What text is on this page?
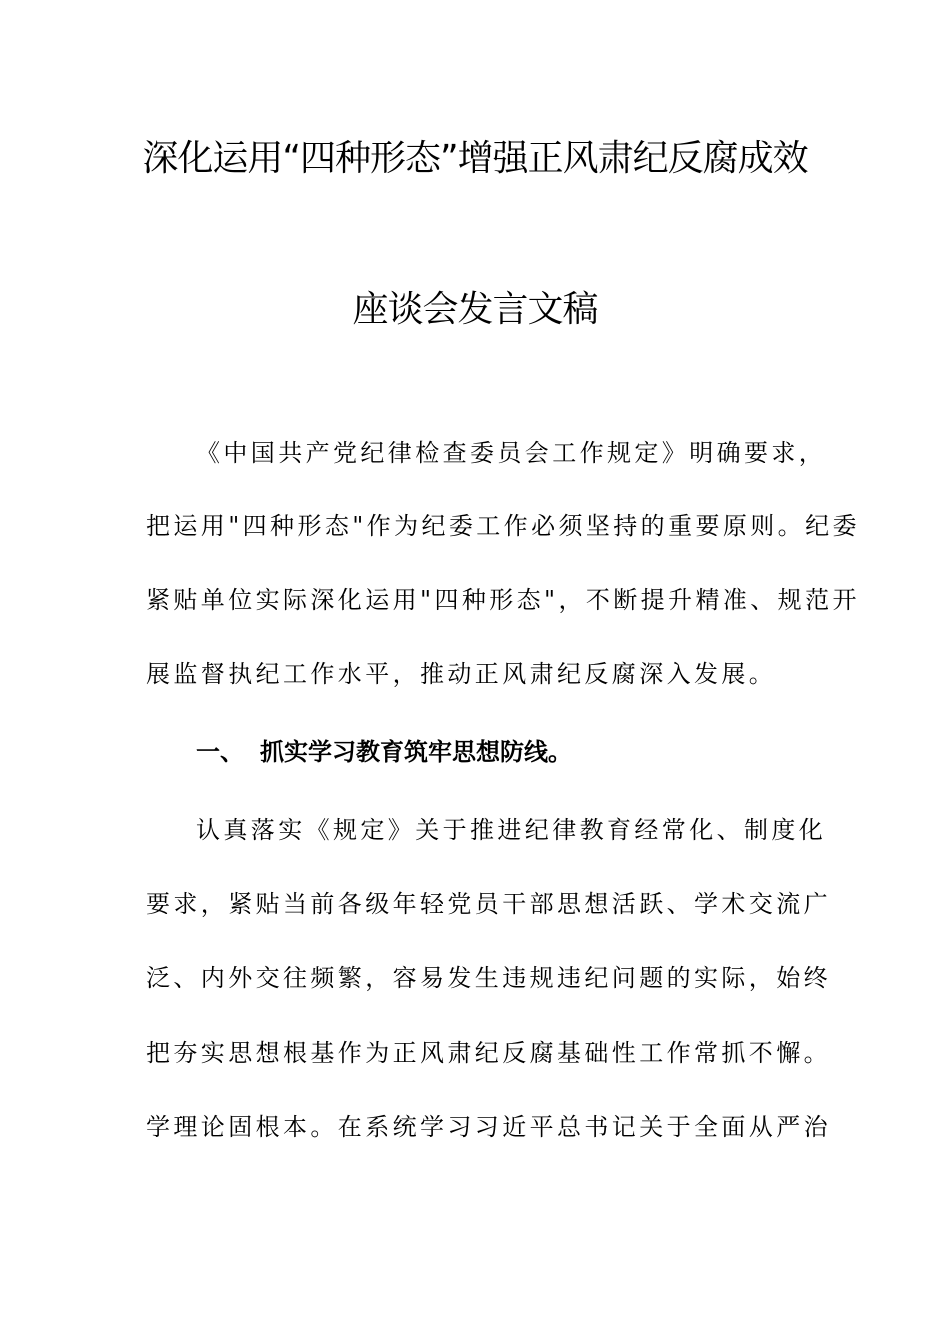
深化运用“四种形态”增强正风肃纪反腐成效
座谈会发言文稿
《中国共产党纪律检查委员会工作规定》明确要求，
把运用"四种形态"作为纪委工作必须坚持的重要原则。纪委
紧贴单位实际深化运用"四种形态"，不断提升精准、规范开
展监督执纪工作水平，推动正风肃纪反腐深入发展。
一、 抓实学习教育筑牢思想防线。
认真落实《规定》关于推进纪律教育经常化、制度化
要求，紧贴当前各级年轻党员干部思想活跃、学术交流广
泛、内外交往频繁，容易发生违规违纪问题的实际，始终
把夯实思想根基作为正风肃纪反腐基础性工作常抓不懈。
学理论固根本。在系统学习习近平总书记关于全面从严治
